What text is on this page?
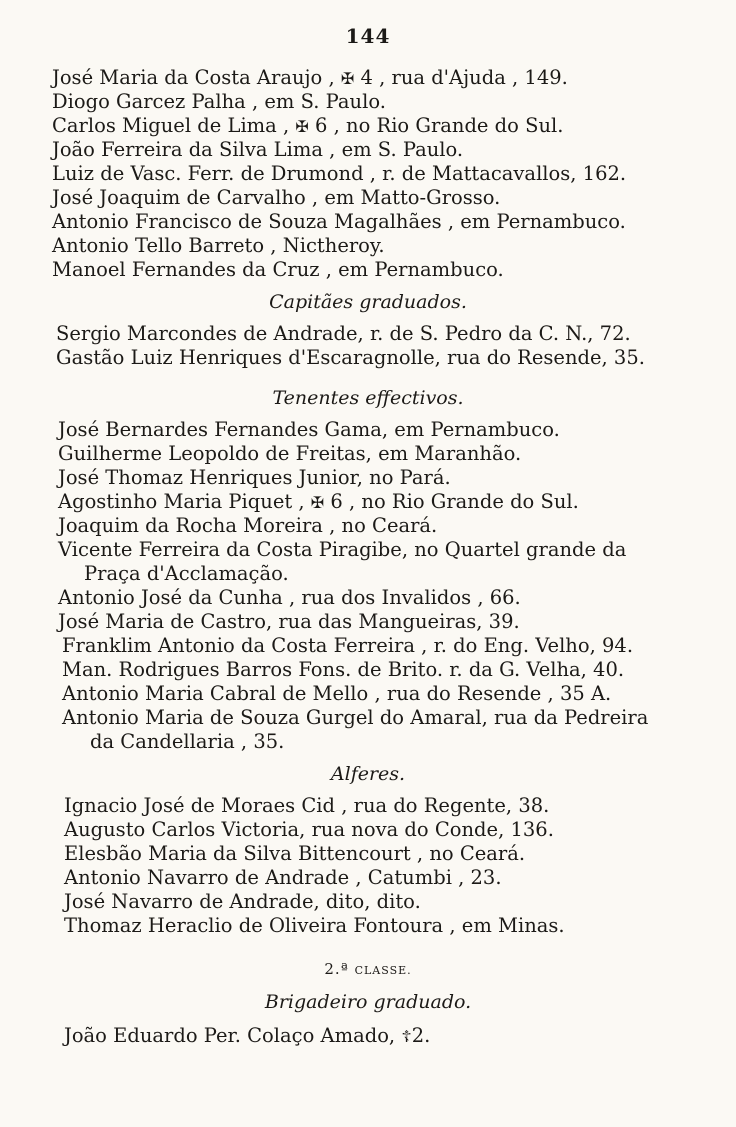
144
José Maria da Costa Araujo , ✠ 4 , rua d'Ajuda , 149.
Diogo Garcez Palha , em S. Paulo.
Carlos Miguel de Lima , ✠ 6 , no Rio Grande do Sul.
João Ferreira da Silva Lima , em S. Paulo.
Luiz de Vasc. Ferr. de Drumond , r. de Mattacavallos, 162.
José Joaquim de Carvalho , em Matto-Grosso.
Antonio Francisco de Souza Magalhães , em Pernambuco.
Antonio Tello Barreto , Nictheroy.
Manoel Fernandes da Cruz , em Pernambuco.
Capitães graduados.
Sergio Marcondes de Andrade, r. de S. Pedro da C. N., 72.
Gastão Luiz Henriques d'Escaragnolle, rua do Resende, 35.
Tenentes effectivos.
José Bernardes Fernandes Gama, em Pernambuco.
Guilherme Leopoldo de Freitas, em Maranhão.
José Thomaz Henriques Junior, no Pará.
Agostinho Maria Piquet , ✠ 6 , no Rio Grande do Sul.
Joaquim da Rocha Moreira , no Ceará.
Vicente Ferreira da Costa Piragibe, no Quartel grande da
Praça d'Acclamação.
Antonio José da Cunha , rua dos Invalidos , 66.
José Maria de Castro, rua das Mangueiras, 39.
Franklim Antonio da Costa Ferreira , r. do Eng. Velho, 94.
Man. Rodrigues Barros Fons. de Brito. r. da G. Velha, 40.
Antonio Maria Cabral de Mello , rua do Resende , 35 A.
Antonio Maria de Souza Gurgel do Amaral, rua da Pedreira
da Candellaria , 35.
Alferes.
Ignacio José de Moraes Cid , rua do Regente, 38.
Augusto Carlos Victoria, rua nova do Conde, 136.
Elesbão Maria da Silva Bittencourt , no Ceará.
Antonio Navarro de Andrade , Catumbi , 23.
José Navarro de Andrade, dito, dito.
Thomaz Heraclio de Oliveira Fontoura , em Minas.
2.ª CLASSE.
Brigadeiro graduado.
João Eduardo Per. Colaço Amado, ☦2.
